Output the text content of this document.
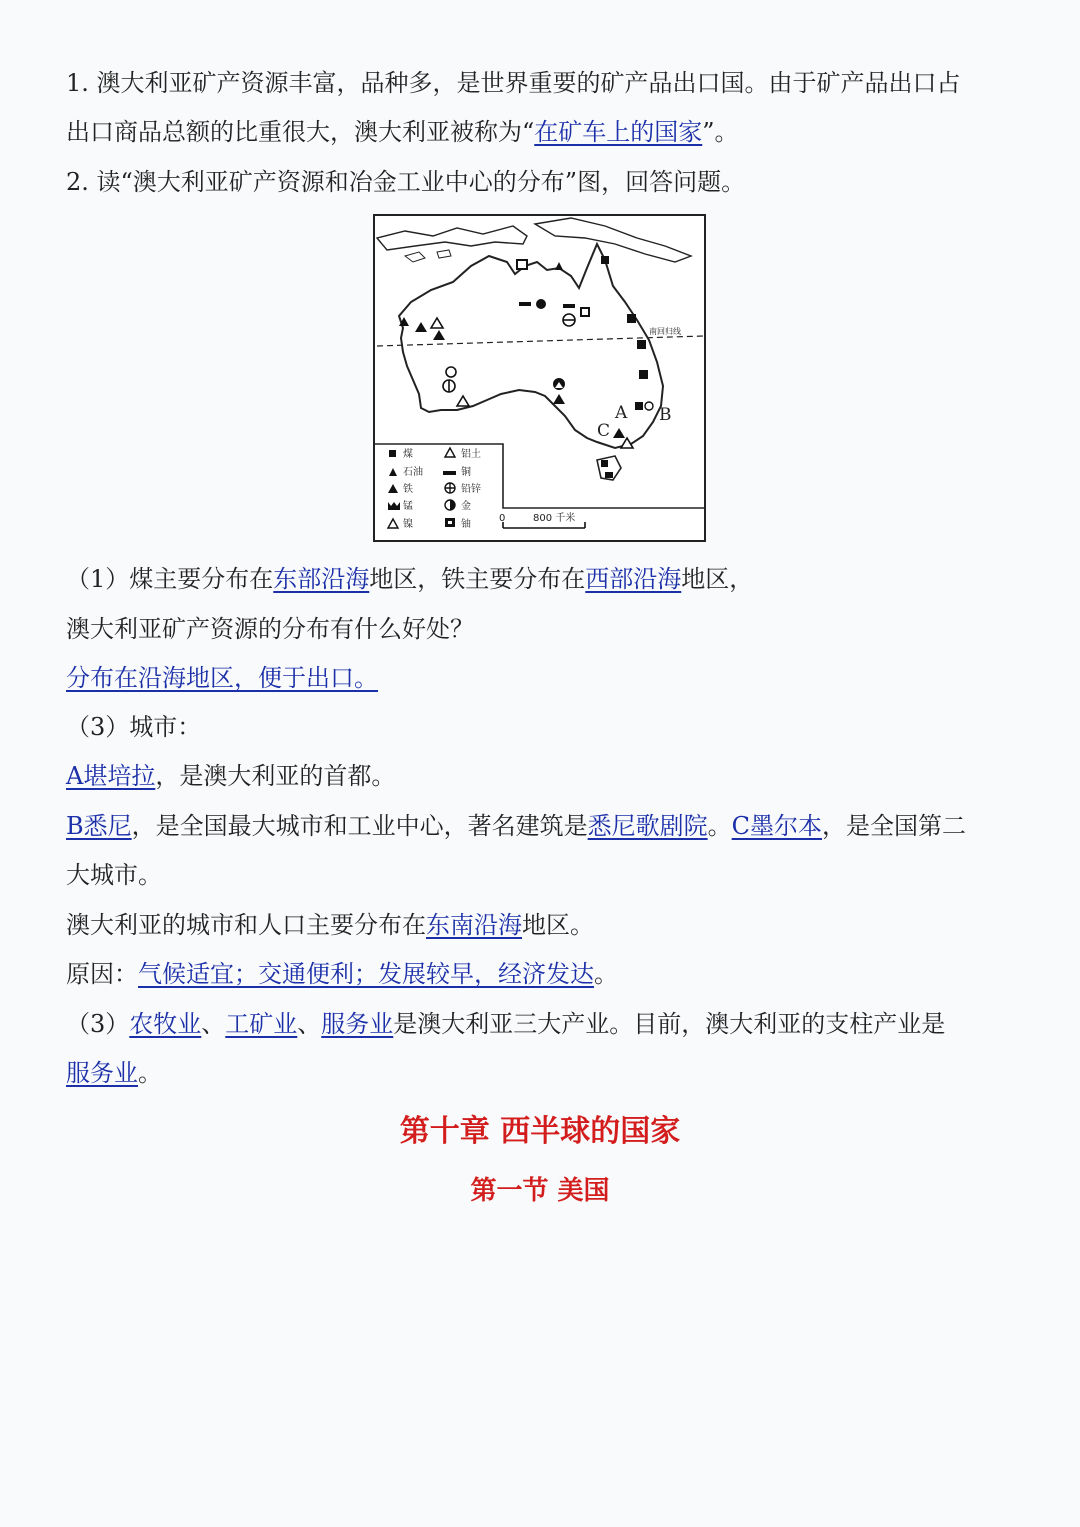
1. 澳大利亚矿产资源丰富，品种多，是世界重要的矿产品出口国。由于矿产品出口占
出口商品总额的比重很大，澳大利亚被称为“在矿车上的国家”。
2. 读“澳大利亚矿产资源和冶金工业中心的分布”图，回答问题。
南回归线
A B
C
煤
石油
铁
锰
镍
铝土
铜
铅锌
金
铀
0	800 千米
（1）煤主要分布在东部沿海地区，铁主要分布在西部沿海地区，
澳大利亚矿产资源的分布有什么好处？
分布在沿海地区，便于出口。
（3）城市：
A堪培拉，是澳大利亚的首都。
B悉尼，是全国最大城市和工业中心，著名建筑是悉尼歌剧院。C墨尔本，是全国第二
大城市。
澳大利亚的城市和人口主要分布在东南沿海地区。
原因：气候适宜；交通便利；发展较早，经济发达。
（3）农牧业、工矿业、服务业是澳大利亚三大产业。目前，澳大利亚的支柱产业是
服务业。
第十章 西半球的国家
第一节 美国
